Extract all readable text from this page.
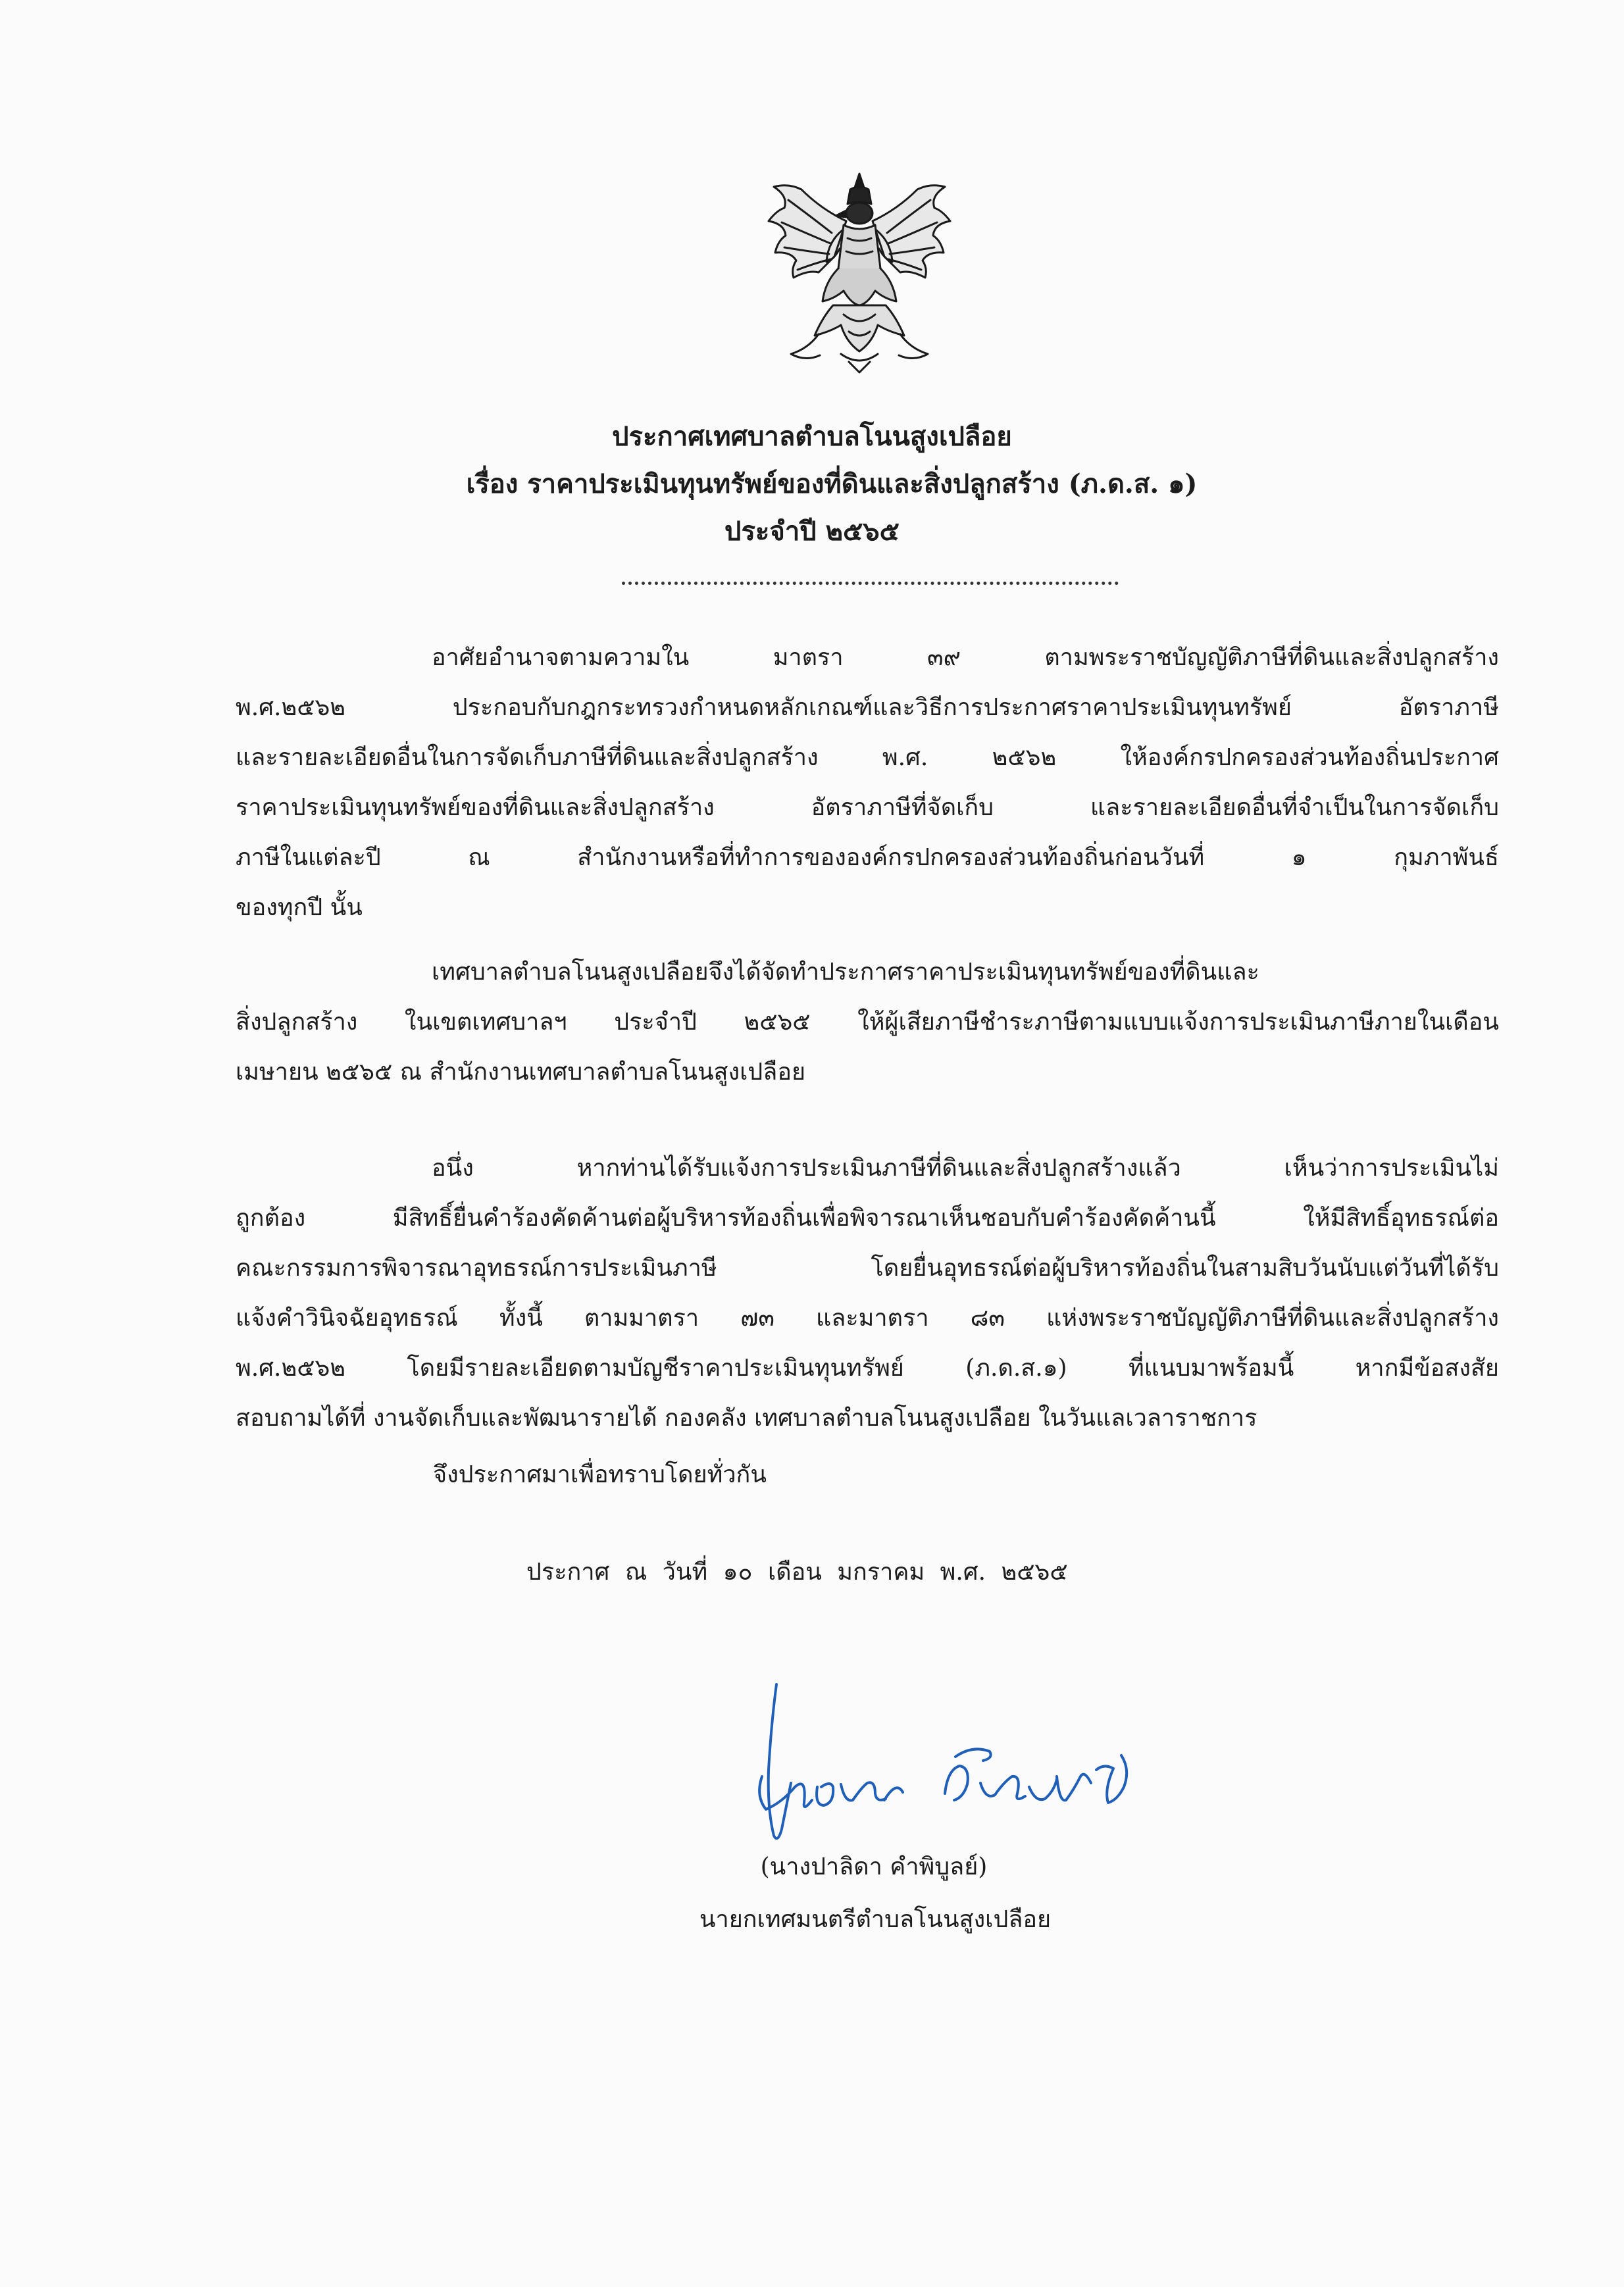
ประกาศเทศบาลตำบลโนนสูงเปลือย
เรื่อง ราคาประเมินทุนทรัพย์ของที่ดินและสิ่งปลูกสร้าง (ภ.ด.ส. ๑)
ประจำปี ๒๕๖๕
อาศัยอำนาจตามความใน มาตรา ๓๙ ตามพระราชบัญญัติภาษีที่ดินและสิ่งปลูกสร้าง
พ.ศ.๒๕๖๒ ประกอบกับกฎกระทรวงกำหนดหลักเกณฑ์และวิธีการประกาศราคาประเมินทุนทรัพย์ อัตราภาษี
และรายละเอียดอื่นในการจัดเก็บภาษีที่ดินและสิ่งปลูกสร้าง พ.ศ. ๒๕๖๒ ให้องค์กรปกครองส่วนท้องถิ่นประกาศ
ราคาประเมินทุนทรัพย์ของที่ดินและสิ่งปลูกสร้าง อัตราภาษีที่จัดเก็บ และรายละเอียดอื่นที่จำเป็นในการจัดเก็บ
ภาษีในแต่ละปี ณ สำนักงานหรือที่ทำการขององค์กรปกครองส่วนท้องถิ่นก่อนวันที่ ๑ กุมภาพันธ์
ของทุกปี นั้น
เทศบาลตำบลโนนสูงเปลือยจึงได้จัดทำประกาศราคาประเมินทุนทรัพย์ของที่ดินและ
สิ่งปลูกสร้าง ในเขตเทศบาลฯ ประจำปี ๒๕๖๕ ให้ผู้เสียภาษีชำระภาษีตามแบบแจ้งการประเมินภาษีภายในเดือน
เมษายน ๒๕๖๕ ณ สำนักงานเทศบาลตำบลโนนสูงเปลือย
อนึ่ง หากท่านได้รับแจ้งการประเมินภาษีที่ดินและสิ่งปลูกสร้างแล้ว เห็นว่าการประเมินไม่
ถูกต้อง มีสิทธิ์ยื่นคำร้องคัดค้านต่อผู้บริหารท้องถิ่นเพื่อพิจารณาเห็นชอบกับคำร้องคัดค้านนี้ ให้มีสิทธิ์อุทธรณ์ต่อ
คณะกรรมการพิจารณาอุทธรณ์การประเมินภาษี โดยยื่นอุทธรณ์ต่อผู้บริหารท้องถิ่นในสามสิบวันนับแต่วันที่ได้รับ
แจ้งคำวินิจฉัยอุทธรณ์ ทั้งนี้ ตามมาตรา ๗๓ และมาตรา ๘๓ แห่งพระราชบัญญัติภาษีที่ดินและสิ่งปลูกสร้าง
พ.ศ.๒๕๖๒ โดยมีรายละเอียดตามบัญชีราคาประเมินทุนทรัพย์ (ภ.ด.ส.๑) ที่แนบมาพร้อมนี้ หากมีข้อสงสัย
สอบถามได้ที่ งานจัดเก็บและพัฒนารายได้ กองคลัง เทศบาลตำบลโนนสูงเปลือย ในวันแลเวลาราชการ
จึงประกาศมาเพื่อทราบโดยทั่วกัน
ประกาศ ณ วันที่ ๑๐ เดือน มกราคม พ.ศ. ๒๕๖๕
(นางปาลิดา คำพิบูลย์)
นายกเทศมนตรีตำบลโนนสูงเปลือย
